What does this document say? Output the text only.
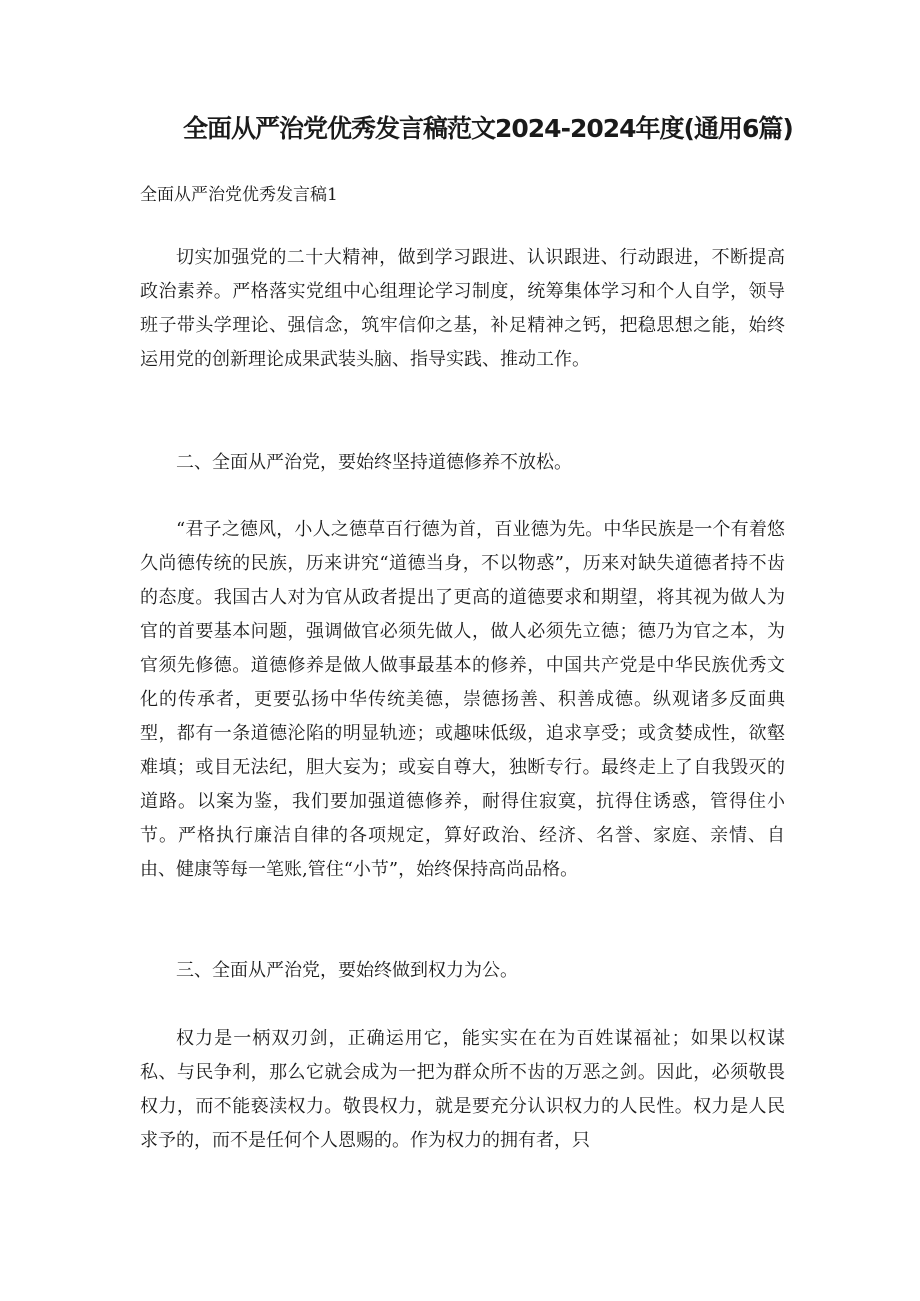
全面从严治党优秀发言稿范文2024-2024年度(通用6篇)

全面从严治党优秀发言稿1

切实加强党的二十大精神，做到学习跟进、认识跟进、行动跟进，不断提高政治素养。严格落实党组中心组理论学习制度，统筹集体学习和个人自学，领导班子带头学理论、强信念，筑牢信仰之基，补足精神之钙，把稳思想之能，始终运用党的创新理论成果武装头脑、指导实践、推动工作。

二、全面从严治党，要始终坚持道德修养不放松。

“君子之德风，小人之德草百行德为首，百业德为先。中华民族是一个有着悠久尚德传统的民族，历来讲究“道德当身，不以物惑”，历来对缺失道德者持不齿的态度。我国古人对为官从政者提出了更高的道德要求和期望，将其视为做人为官的首要基本问题，强调做官必须先做人，做人必须先立德；德乃为官之本，为官须先修德。道德修养是做人做事最基本的修养，中国共产党是中华民族优秀文化的传承者，更要弘扬中华传统美德，崇德扬善、积善成德。纵观诸多反面典型，都有一条道德沦陷的明显轨迹；或趣味低级，追求享受；或贪婪成性，欲壑难填；或目无法纪，胆大妄为；或妄自尊大，独断专行。最终走上了自我毁灭的道路。以案为鉴，我们要加强道德修养，耐得住寂寞，抗得住诱惑，管得住小节。严格执行廉洁自律的各项规定，算好政治、经济、名誉、家庭、亲情、自由、健康等每一笔账,管住“小节”，始终保持高尚品格。

三、全面从严治党，要始终做到权力为公。

权力是一柄双刃剑，正确运用它，能实实在在为百姓谋福祉；如果以权谋私、与民争利，那么它就会成为一把为群众所不齿的万恶之剑。因此，必须敬畏权力，而不能亵渎权力。敬畏权力，就是要充分认识权力的人民性。权力是人民求予的，而不是任何个人恩赐的。作为权力的拥有者，只
